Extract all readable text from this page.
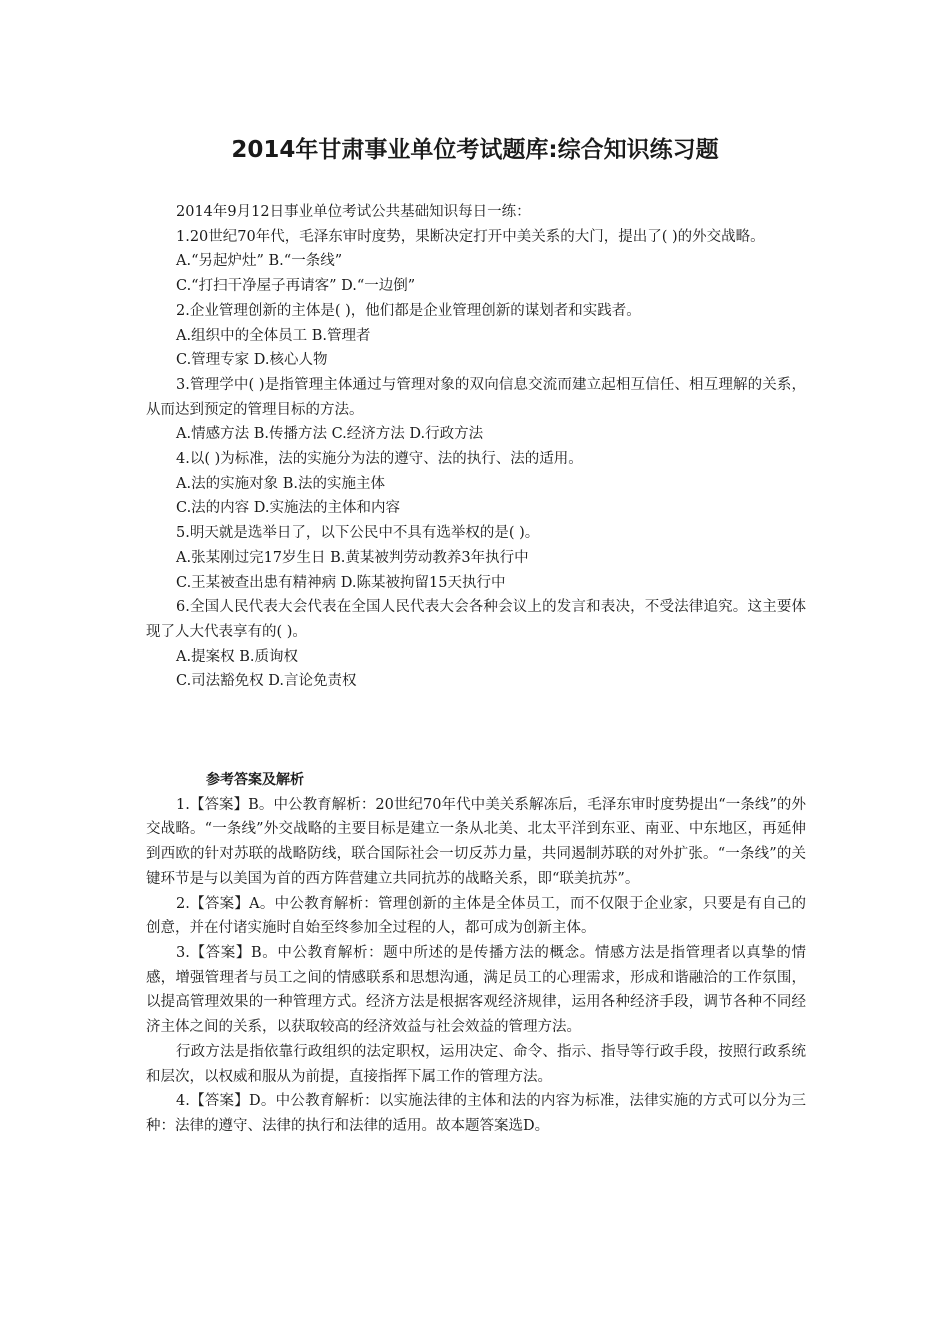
2014年甘肃事业单位考试题库:综合知识练习题

2014年9月12日事业单位考试公共基础知识每日一练：

1.20世纪70年代，毛泽东审时度势，果断决定打开中美关系的大门，提出了( )的外交战略。

A.“另起炉灶” B.“一条线”

C.“打扫干净屋子再请客” D.“一边倒”

2.企业管理创新的主体是( )，他们都是企业管理创新的谋划者和实践者。

A.组织中的全体员工 B.管理者

C.管理专家 D.核心人物

3.管理学中( )是指管理主体通过与管理对象的双向信息交流而建立起相互信任、相互理解的关系，从而达到预定的管理目标的方法。

A.情感方法 B.传播方法 C.经济方法 D.行政方法

4.以( )为标准，法的实施分为法的遵守、法的执行、法的适用。

A.法的实施对象 B.法的实施主体

C.法的内容 D.实施法的主体和内容

5.明天就是选举日了，以下公民中不具有选举权的是( )。

A.张某刚过完17岁生日 B.黄某被判劳动教养3年执行中

C.王某被查出患有精神病 D.陈某被拘留15天执行中

6.全国人民代表大会代表在全国人民代表大会各种会议上的发言和表决，不受法律追究。这主要体现了人大代表享有的( )。

A.提案权 B.质询权

C.司法豁免权 D.言论免责权

参考答案及解析

1.【答案】B。中公教育解析：20世纪70年代中美关系解冻后，毛泽东审时度势提出“一条线”的外交战略。“一条线”外交战略的主要目标是建立一条从北美、北太平洋到东亚、南亚、中东地区，再延伸到西欧的针对苏联的战略防线，联合国际社会一切反苏力量，共同遏制苏联的对外扩张。“一条线”的关键环节是与以美国为首的西方阵营建立共同抗苏的战略关系，即“联美抗苏”。

2.【答案】A。中公教育解析：管理创新的主体是全体员工，而不仅限于企业家，只要是有自己的创意，并在付诸实施时自始至终参加全过程的人，都可成为创新主体。

3.【答案】B。中公教育解析：题中所述的是传播方法的概念。情感方法是指管理者以真挚的情感，增强管理者与员工之间的情感联系和思想沟通，满足员工的心理需求，形成和谐融洽的工作氛围，以提高管理效果的一种管理方式。经济方法是根据客观经济规律，运用各种经济手段，调节各种不同经济主体之间的关系，以获取较高的经济效益与社会效益的管理方法。

行政方法是指依靠行政组织的法定职权，运用决定、命令、指示、指导等行政手段，按照行政系统和层次，以权威和服从为前提，直接指挥下属工作的管理方法。

4.【答案】D。中公教育解析：以实施法律的主体和法的内容为标准，法律实施的方式可以分为三种：法律的遵守、法律的执行和法律的适用。故本题答案选D。
